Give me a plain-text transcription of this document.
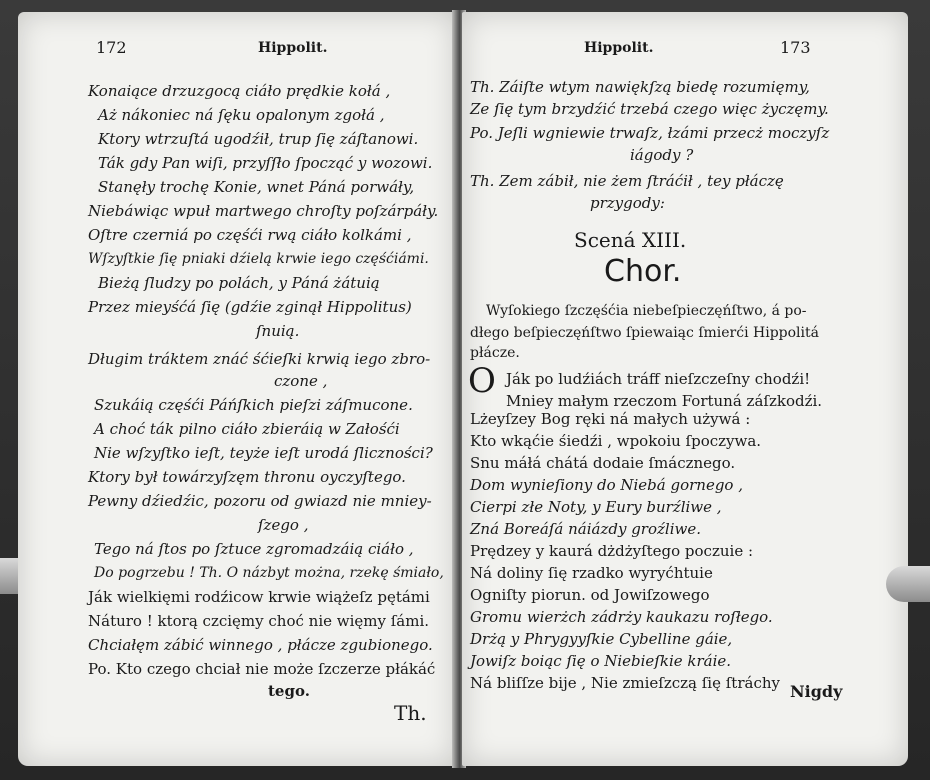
172	Hippolit.
Konaiące drzuzgocą ciáło prędkie kołá ,
Aż nákoniec ná ſęku opalonym zgołá ,
Ktory wtrzuſtá ugodźił, trup ſię záſtanowi.
Ták gdy Pan wiſi, przyſſło ſpocząć y wozowi.
Stanęły trochę Konie, wnet Páná porwáły,
Niebáwiąc wpuł martwego chroſty poſzárpáły.
Oſtre czerniá po częśći rwą ciáło kolkámi ,
Wſzyſtkie ſię pniaki dźielą krwie iego częśćiámi.
Bieżą ſludzy po polách, y Páná żátuią
Przez mieyśćá ſię (gdźie zginął Hippolitus)
ſnuią.
Długim tráktem znáć śćieſki krwią iego zbro-
czone ,
Szukáią częśći Páńſkich pieſzi záſmucone.
A choć ták pilno ciáło zbieráią w Załośći
Nie wſzyſtko ieſt, teyże ieſt urodá ſliczności?
Ktory był towárzyſzęm thronu oyczyſtego.
Pewny dźiedźic, pozoru od gwiazd nie mniey-
ſzego ,
Tego ná ſtos po ſztuce zgromadzáią ciáło ,
Do pogrzebu ! Th. O názbyt można, rzekę śmiało,
Ják wielkięmi rodźicow krwie wiążeſz pętámi
Náturo ! ktorą czcięmy choć nie więmy ſámi.
Chciałęm zábić winnego , płácze zgubionego.
Po. Kto czego chciał nie może ſzczerze płákáć
tego.
Th.
Hippolit.	173
Th. Záiſte wtym nawiękſzą biedę rozumięmy,
Ze ſię tym brzydźić trzebá czego więc życzęmy.
Po. Jeſli wgniewie trwaſz, łzámi przecż moczyſz
iágody ?
Th. Zem zábił, nie żem ſtráćił , tey płáczę
przygody:
Scená XIII.
Chor.
Wyſokiego ſzczęśćia niebeſpieczęńſtwo, á po-
dłego beſpieczęńſtwo ſpiewaiąc ſmierći Hippolitá
płácze.
O Ják po ludźiách tráff nieſzczeſny chodźi!
Mniey małym rzeczom Fortuná záſzkodźi.
Lżeyſzey Bog ręki ná małych używá :
Kto wkąćie śiedźi , wpokoiu ſpoczywa.
Snu máłá chátá dodaie ſmácznego.
Dom wynieſiony do Niebá gornego ,
Cierpi złe Noty, y Eury burźliwe ,
Zná Boreáſá náiázdy groźliwe.
Prędzey y kaurá dżdżyſtego poczuie :
Ná doliny ſię rzadko wyryćhtuie
Ogniſty piorun. od Jowiſzowego
Gromu wierżch zádrży kaukazu roſłego.
Drżą y Phrygyyſkie Cybelline gáie,
Jowiſz boiąc ſię o Niebieſkie kráie.
Ná bliſſze bije , Nie zmieſzczą ſię ſtráchy Nigdy
